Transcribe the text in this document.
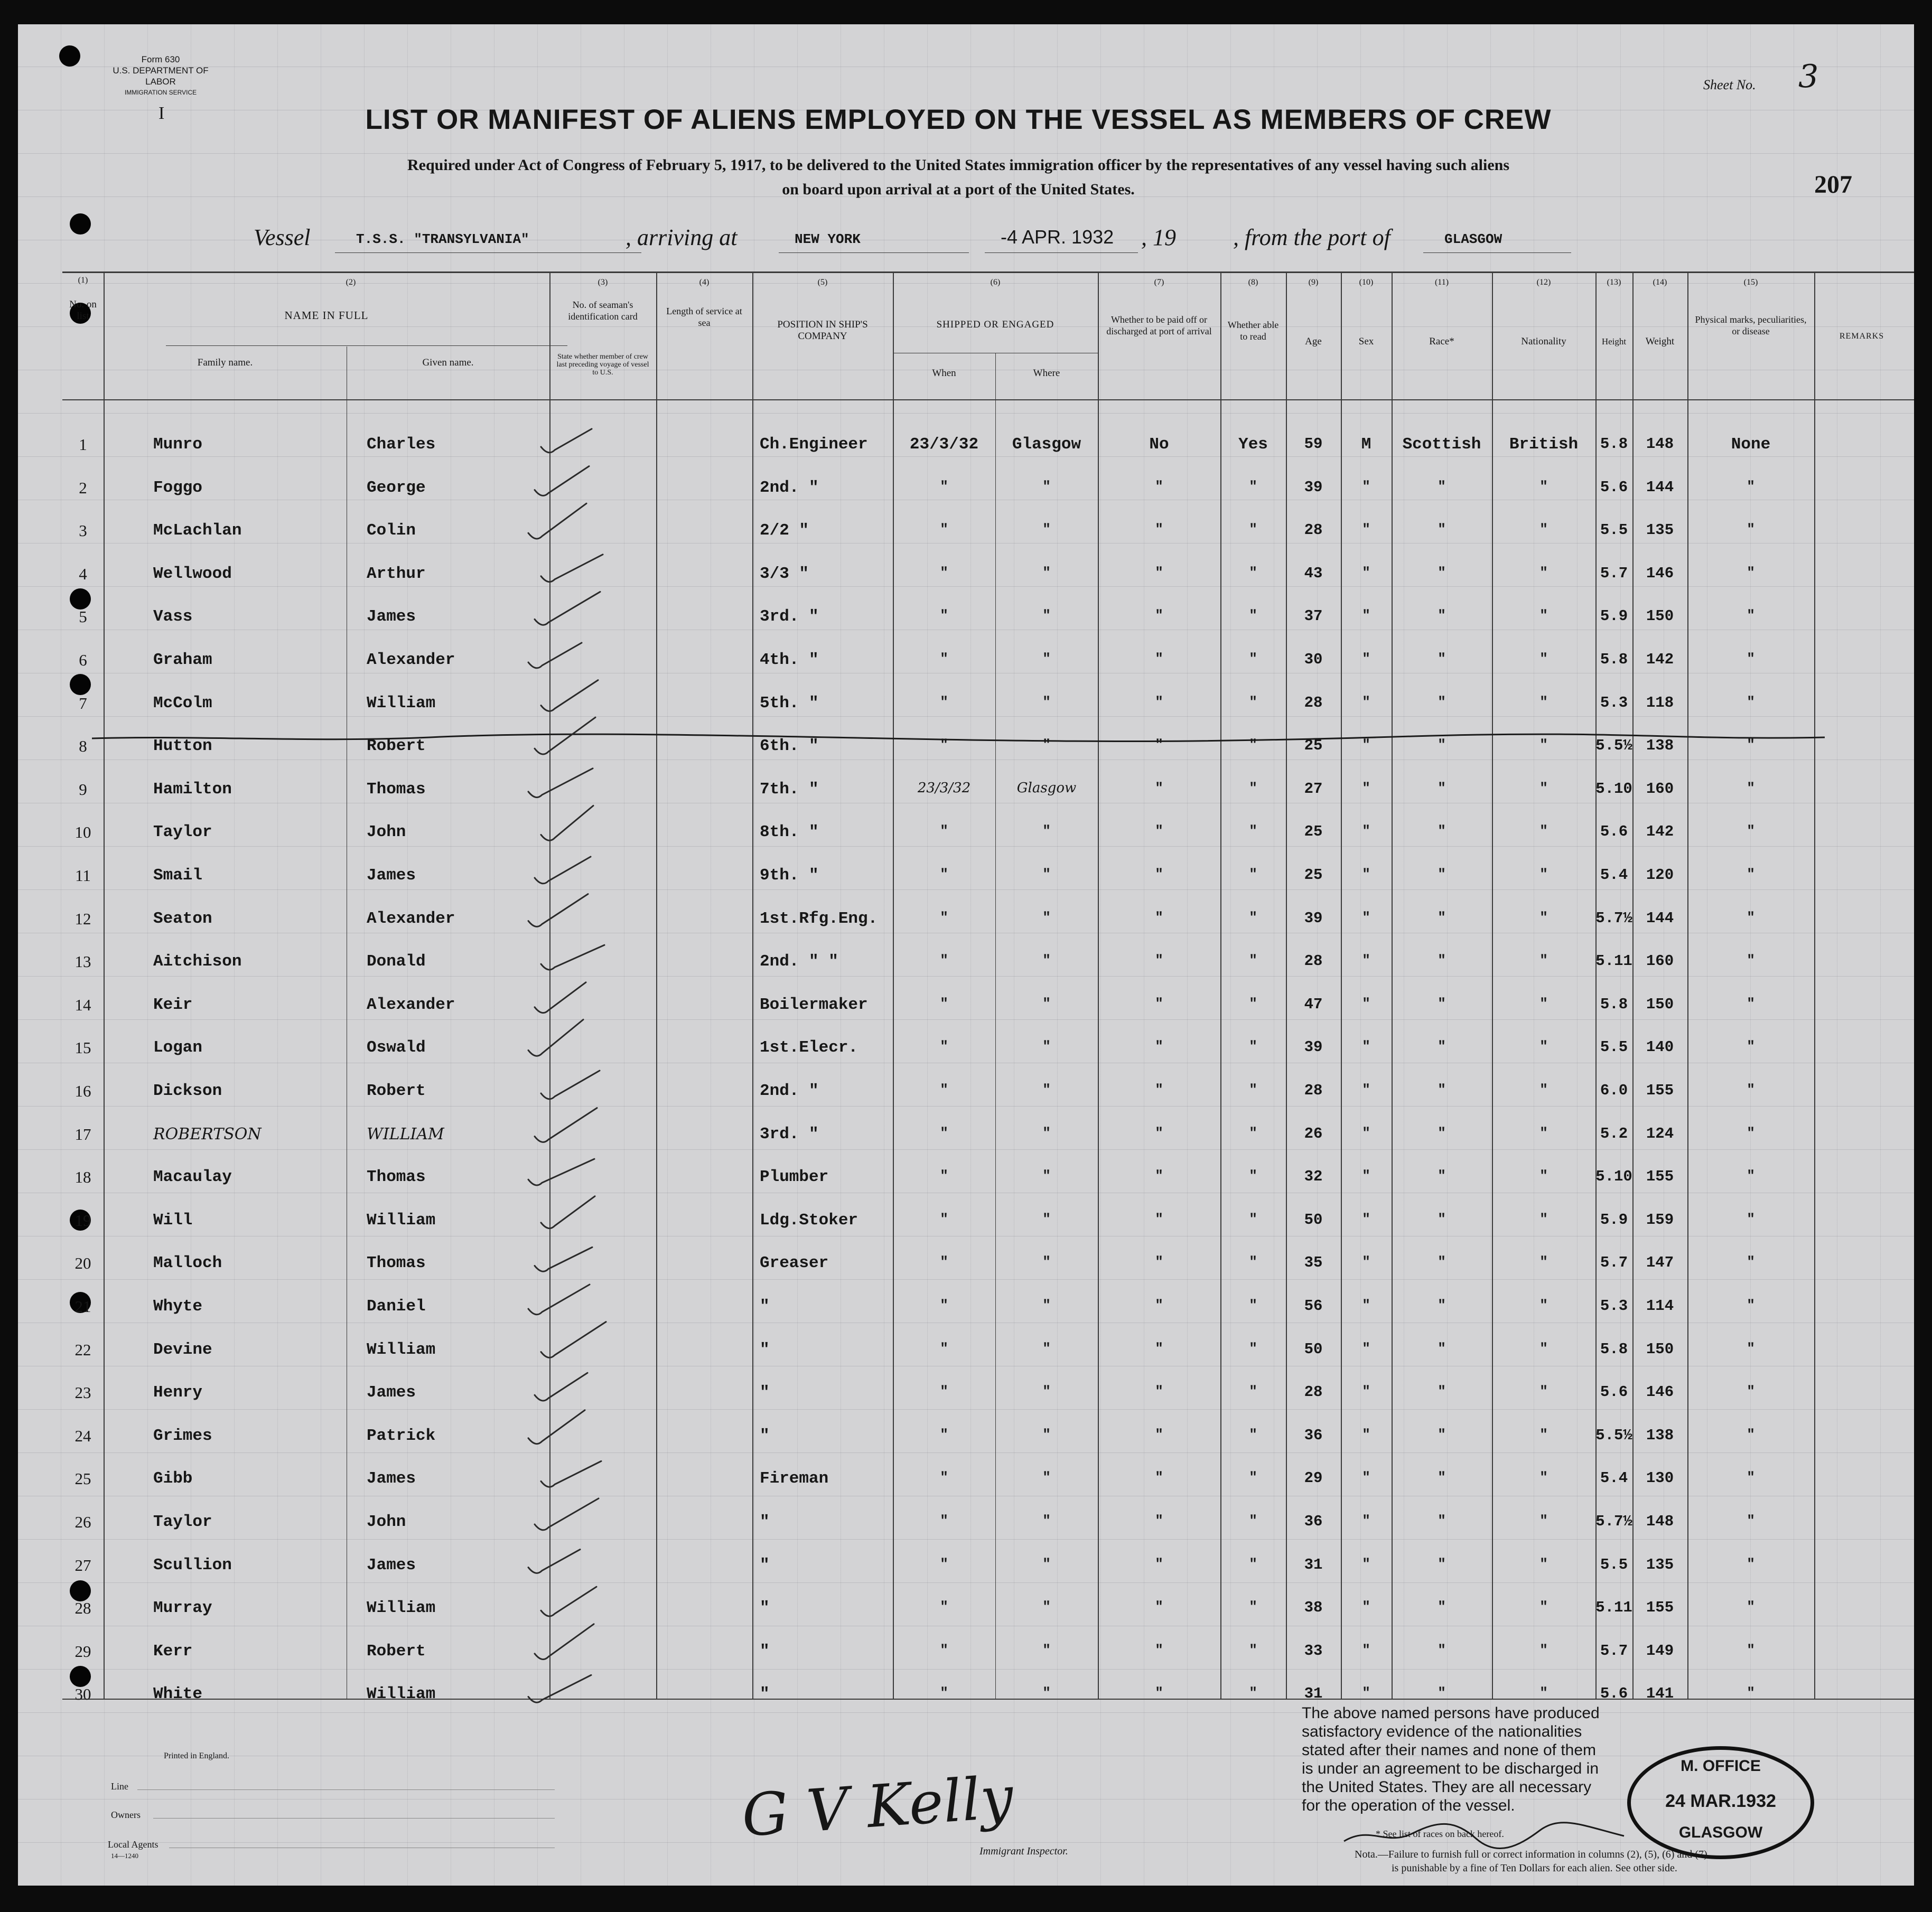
Form 630
U.S. DEPARTMENT OF LABOR
IMMIGRATION SERVICE
I
Sheet No. 3
207
LIST OR MANIFEST OF ALIENS EMPLOYED ON THE VESSEL AS MEMBERS OF CREW
Required under Act of Congress of February 5, 1917, to be delivered to the United States immigration officer by the representatives of any vessel having such aliens
on board upon arrival at a port of the United States.
Vessel	T.S.S. "TRANSYLVANIA"	, arriving at	NEW YORK	-4 APR. 1932 , 19 , from the port of	GLASGOW
(1)	(2)	(3)	(4)	(5)	(6)	(7)	(8)	(9)	(10)	(11)	(12)	(13)	(14)	(15)
No. on list	NAME IN FULL
Family name.	Given name.
No. of seaman's identification card
State whether member of crew last preceding voyage of vessel to U.S.
Length of service at sea	POSITION IN SHIP'S COMPANY
SHIPPED OR ENGAGED
When	Where
Whether to be paid off or discharged at port of arrival
Whether able to read	Age	Sex	Race*	Nationality	Height	Weight
Physical marks, peculiarities, or disease	REMARKS
1	Munro	Charles	Ch.Engineer	23/3/32	Glasgow	No	Yes	59	M	Scottish	British	5.8	148	None
2	Foggo	George	2nd. "	"	"	"	"	39	"	"	"	5.6	144	"
3	McLachlan	Colin	2/2 "	"	"	"	"	28	"	"	"	5.5	135	"
4	Wellwood	Arthur	3/3 "	"	"	"	"	43	"	"	"	5.7	146	"
5	Vass	James	3rd. "	"	"	"	"	37	"	"	"	5.9	150	"
6	Graham	Alexander	4th. "	"	"	"	"	30	"	"	"	5.8	142	"
7	McColm	William	5th. "	"	"	"	"	28	"	"	"	5.3	118	"
8	Hutton	Robert	6th. "	"	"	"	"	25	"	"	"	5.5½ 138	"
9	Hamilton	Thomas	7th. "	23/3/32	Glasgow	"	"	27	"	"	"	5.10 160	"
10	Taylor	John	8th. "	"	"	"	"	25	"	"	"	5.6	142	"
11	Smail	James	9th. "	"	"	"	"	25	"	"	"	5.4	120	"
12	Seaton	Alexander	1st.Rfg.Eng.	"	"	"	"	39	"	"	"	5.7½ 144	"
13	Aitchison	Donald	2nd. " "	"	"	"	"	28	"	"	"	5.11 160	"
14	Keir	Alexander	Boilermaker	"	"	"	"	47	"	"	"	5.8	150	"
15	Logan	Oswald	1st.Elecr.	"	"	"	"	39	"	"	"	5.5	140	"
16	Dickson	Robert	2nd. "	"	"	"	"	28	"	"	"	6.0	155	"
17	ROBERTSON	WILLIAM	3rd. "	"	"	"	"	26	"	"	"	5.2	124	"
18	Macaulay	Thomas	Plumber	"	"	"	"	32	"	"	"	5.10 155	"
19	Will	William	Ldg.Stoker	"	"	"	"	50	"	"	"	5.9	159	"
20	Malloch	Thomas	Greaser	"	"	"	"	35	"	"	"	5.7	147	"
21	Whyte	Daniel	"	"	"	"	"	56	"	"	"	5.3	114	"
22	Devine	William	"	"	"	"	"	50	"	"	"	5.8	150	"
23	Henry	James	"	"	"	"	"	28	"	"	"	5.6	146	"
24	Grimes	Patrick	"	"	"	"	"	36	"	"	"	5.5½ 138	"
25	Gibb	James	Fireman	"	"	"	"	29	"	"	"	5.4	130	"
26	Taylor	John	"	"	"	"	"	36	"	"	"	5.7½ 148	"
27	Scullion	James	"	"	"	"	"	31	"	"	"	5.5	135	"
28	Murray	William	"	"	"	"	"	38	"	"	"	5.11 155	"
29	Kerr	Robert	"	"	"	"	"	33	"	"	"	5.7	149	"
30	White	William	"	"	"	"	"	31	"	"	"	5.6	141	"
The above named persons have produced
satisfactory evidence of the nationalities
stated after their names and none of them
is under an agreement to be discharged in
the United States. They are all necessary
for the operation of the vessel.
M. OFFICE
24 MAR.1932
GLASGOW
Printed in England.
Line
Owners
Local Agents
14—1240
G V Kelly
Immigrant Inspector.
* See list of races on back hereof.
Nota.—Failure to furnish full or correct information in columns (2), (5), (6) and (7)
is punishable by a fine of Ten Dollars for each alien. See other side.
